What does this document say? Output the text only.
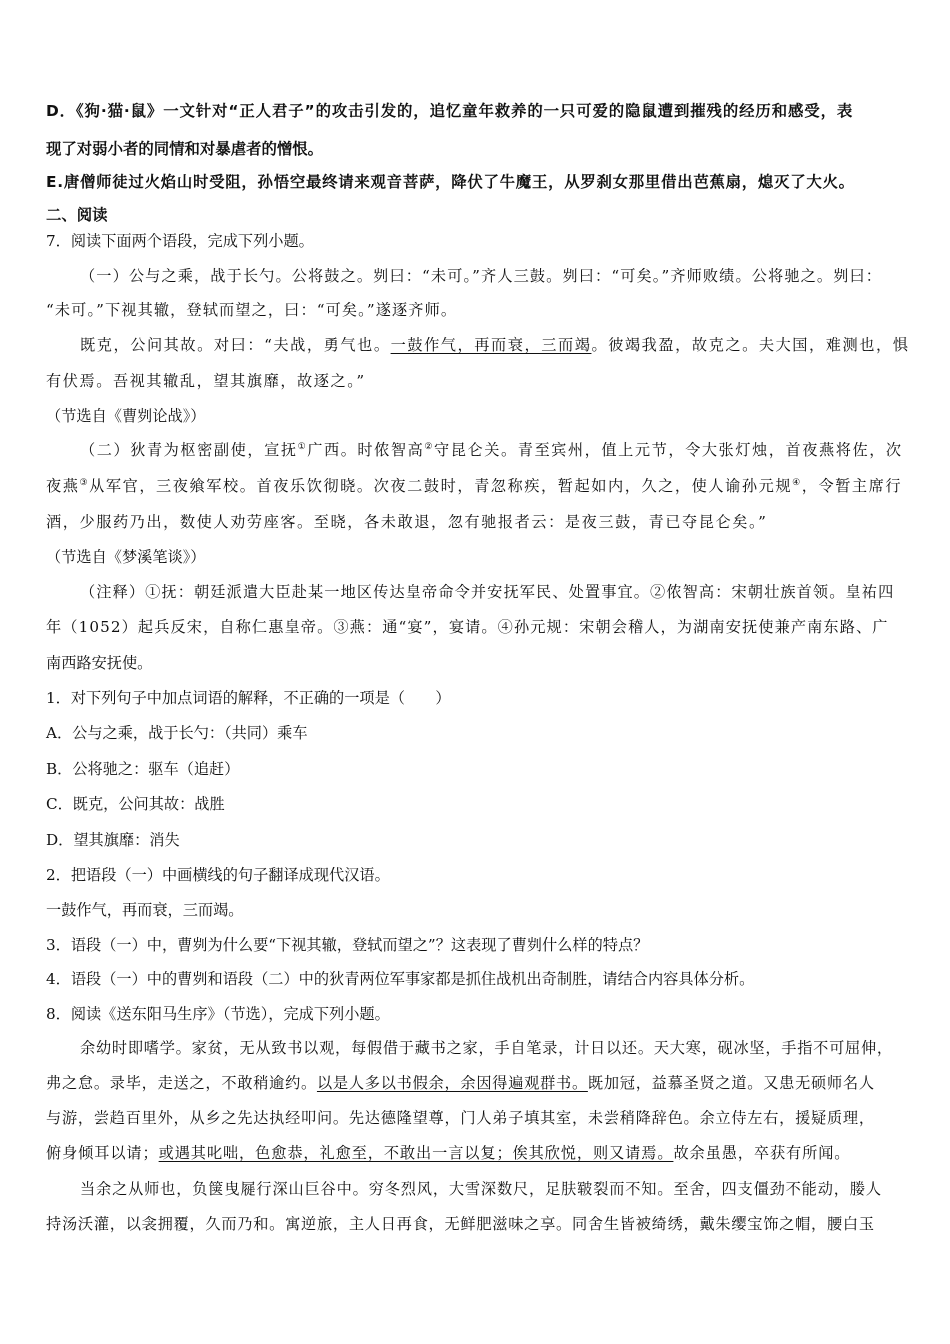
D．《狗·猫·鼠》一文针对“正人君子”的攻击引发的，追忆童年救养的一只可爱的隐鼠遭到摧残的经历和感受，表
现了对弱小者的同情和对暴虐者的憎恨。
E.唐僧师徒过火焰山时受阻，孙悟空最终请来观音菩萨，降伏了牛魔王，从罗刹女那里借出芭蕉扇，熄灭了大火。
二、阅读
7．阅读下面两个语段，完成下列小题。
（一）公与之乘，战于长勺。公将鼓之。刿曰：“未可。”齐人三鼓。刿曰：“可矣。”齐师败绩。公将驰之。刿曰：
“未可。”下视其辙，登轼而望之，曰：“可矣。”遂逐齐师。
既克，公问其故。对曰：“夫战，勇气也。一鼓作气，再而衰，三而竭。彼竭我盈，故克之。夫大国，难测也，惧
有伏焉。吾视其辙乱，望其旗靡，故逐之。”
（节选自《曹刿论战》）
（二）狄青为枢密副使，宣抚①广西。时侬智高②守昆仑关。青至宾州，值上元节，令大张灯烛，首夜燕将佐，次
夜燕③从军官，三夜飨军校。首夜乐饮彻晓。次夜二鼓时，青忽称疾，暂起如内，久之，使人谕孙元规④，令暂主席行
酒，少服药乃出，数使人劝劳座客。至晓，各未敢退，忽有驰报者云：是夜三鼓，青已夺昆仑矣。”
（节选自《梦溪笔谈》）
（注释）①抚：朝廷派遣大臣赴某一地区传达皇帝命令并安抚军民、处置事宜。②侬智高：宋朝壮族首领。皇祐四
年（1052）起兵反宋，自称仁惠皇帝。③燕：通“宴”，宴请。④孙元规：宋朝会稽人，为湖南安抚使兼产南东路、广
南西路安抚使。
1．对下列句子中加点词语的解释，不正确的一项是（　　）
A．公与之乘，战于长勺：（共同）乘车
B．公将驰之：驱车（追赶）
C．既克，公问其故：战胜
D．望其旗靡：消失
2．把语段（一）中画横线的句子翻译成现代汉语。
一鼓作气，再而衰，三而竭。
3．语段（一）中，曹刿为什么要“下视其辙，登轼而望之”？这表现了曹刿什么样的特点？
4．语段（一）中的曹刿和语段（二）中的狄青两位军事家都是抓住战机出奇制胜，请结合内容具体分析。
8．阅读《送东阳马生序》（节选），完成下列小题。
余幼时即嗜学。家贫，无从致书以观，每假借于藏书之家，手自笔录，计日以还。天大寒，砚冰坚，手指不可屈伸，
弗之怠。录毕，走送之，不敢稍逾约。以是人多以书假余，余因得遍观群书。既加冠，益慕圣贤之道。又患无硕师名人
与游，尝趋百里外，从乡之先达执经叩问。先达德隆望尊，门人弟子填其室，未尝稍降辞色。余立侍左右，援疑质理，
俯身倾耳以请；或遇其叱咄，色愈恭，礼愈至，不敢出一言以复；俟其欣悦，则又请焉。故余虽愚，卒获有所闻。
当余之从师也，负箧曳屣行深山巨谷中。穷冬烈风，大雪深数尺，足肤皲裂而不知。至舍，四支僵劲不能动，媵人
持汤沃灌，以衾拥覆，久而乃和。寓逆旅，主人日再食，无鲜肥滋味之享。同舍生皆被绮绣，戴朱缨宝饰之帽，腰白玉
